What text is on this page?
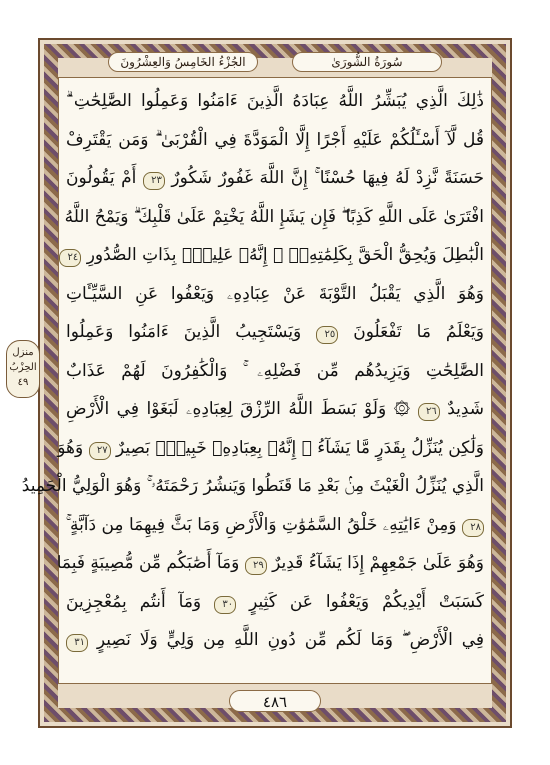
الجُزْءُ الخَامِسُ وَالعِشْرُونَ	سُورَةُ الشُّورَىٰ
ذَٰلِكَ الَّذِي يُبَشِّرُ اللَّهُ عِبَادَهُ الَّذِينَ ءَامَنُوا وَعَمِلُوا الصَّٰلِحَٰتِ ۗ
قُل لَّآ أَسْـَٔلُكُمْ عَلَيْهِ أَجْرًا إِلَّا الْمَوَدَّةَ فِي الْقُرْبَىٰ ۗ وَمَن يَقْتَرِفْ
حَسَنَةً نَّزِدْ لَهُ فِيهَا حُسْنًا ۚ إِنَّ اللَّهَ غَفُورٌ شَكُورٌ ٢٣ أَمْ يَقُولُونَ
افْتَرَىٰ عَلَى اللَّهِ كَذِبًا ۖ فَإِن يَشَإِ اللَّهُ يَخْتِمْ عَلَىٰ قَلْبِكَ ۗ وَيَمْحُ اللَّهُ
الْبَٰطِلَ وَيُحِقُّ الْحَقَّ بِكَلِمَٰتِهِۦٓ ۚ إِنَّهُۥ عَلِيمٌۢ بِذَاتِ الصُّدُورِ ٢٤
وَهُوَ الَّذِي يَقْبَلُ التَّوْبَةَ عَنْ عِبَادِهِۦ وَيَعْفُوا عَنِ السَّيِّـَٔاتِ
وَيَعْلَمُ مَا تَفْعَلُونَ ٢٥ وَيَسْتَجِيبُ الَّذِينَ ءَامَنُوا وَعَمِلُوا
الصَّٰلِحَٰتِ وَيَزِيدُهُم مِّن فَضْلِهِۦ ۚ وَالْكَٰفِرُونَ لَهُمْ عَذَابٌ
شَدِيدٌ ٢٦ ۞ وَلَوْ بَسَطَ اللَّهُ الرِّزْقَ لِعِبَادِهِۦ لَبَغَوْا فِي الْأَرْضِ
وَلَٰكِن يُنَزِّلُ بِقَدَرٍ مَّا يَشَآءُ ۚ إِنَّهُۥ بِعِبَادِهِۦ خَبِيرٌۢ بَصِيرٌ ٢٧ وَهُوَ
الَّذِي يُنَزِّلُ الْغَيْثَ مِنۢ بَعْدِ مَا قَنَطُوا وَيَنشُرُ رَحْمَتَهُۥ ۚ وَهُوَ الْوَلِيُّ الْحَمِيدُ
٢٨ وَمِنْ ءَايَٰتِهِۦ خَلْقُ السَّمَٰوَٰتِ وَالْأَرْضِ وَمَا بَثَّ فِيهِمَا مِن دَآبَّةٍ ۚ
وَهُوَ عَلَىٰ جَمْعِهِمْ إِذَا يَشَآءُ قَدِيرٌ ٢٩ وَمَآ أَصَٰبَكُم مِّن مُّصِيبَةٍ فَبِمَا
كَسَبَتْ أَيْدِيكُمْ وَيَعْفُوا عَن كَثِيرٍ ٣٠ وَمَآ أَنتُم بِمُعْجِزِينَ
فِي الْأَرْضِ ۖ وَمَا لَكُم مِّن دُونِ اللَّهِ مِن وَلِيٍّ وَلَا نَصِيرٍ ٣١
منزل
الحِزْبُ
٤٩
٤٨٦
